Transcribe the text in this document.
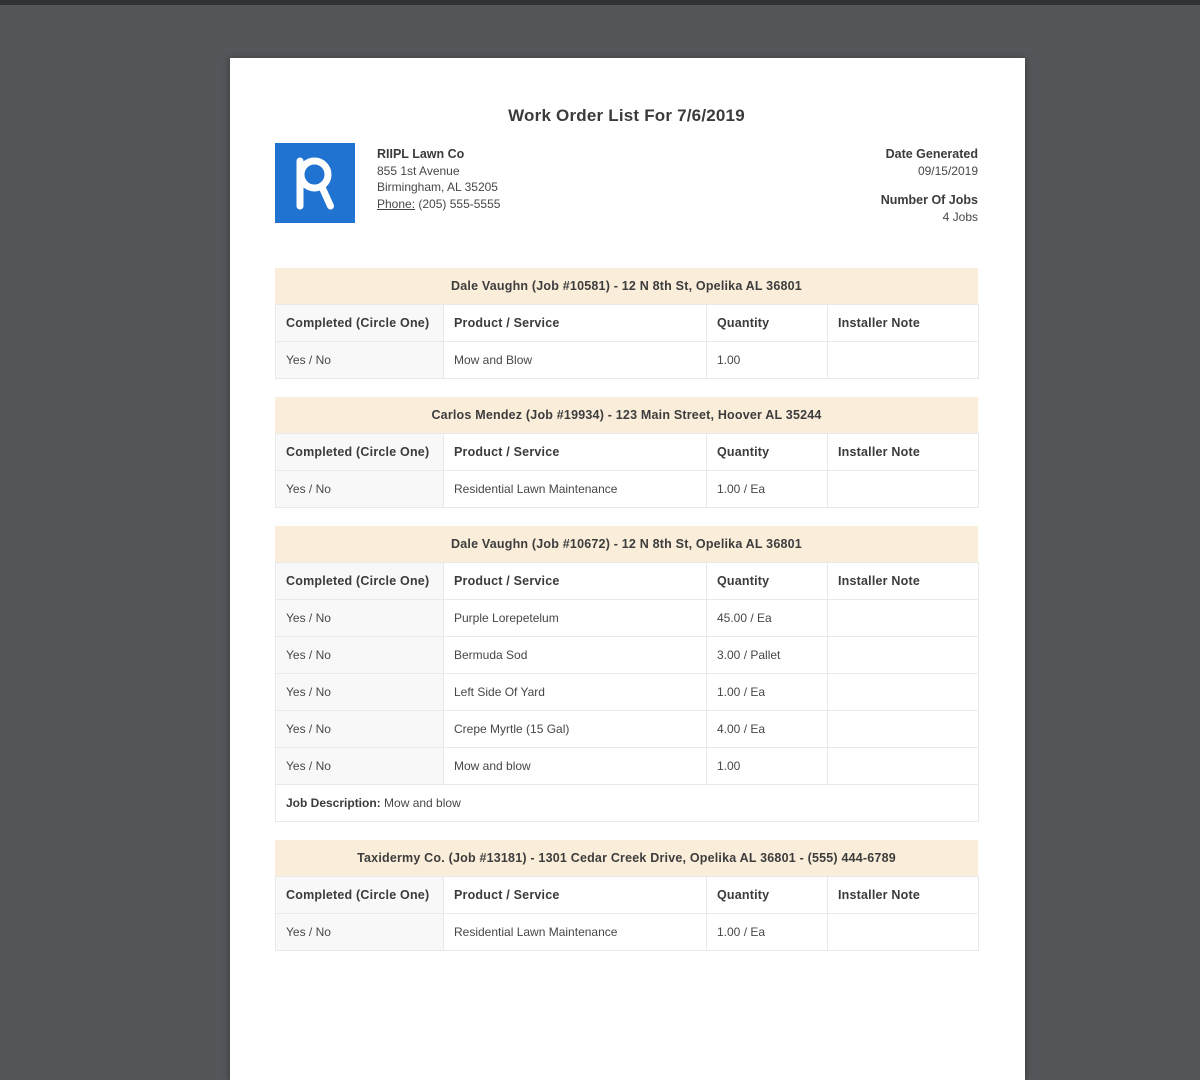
Work Order List For 7/6/2019
RIIPL Lawn Co
855 1st Avenue
Birmingham, AL 35205
Phone: (205) 555-5555
Date Generated
09/15/2019
Number Of Jobs
4 Jobs
Dale Vaughn (Job #10581) - 12 N 8th St, Opelika AL 36801
Completed (Circle One)	Product / Service	Quantity	Installer Note
Yes / No	Mow and Blow	1.00	
Carlos Mendez (Job #19934) - 123 Main Street, Hoover AL 35244
Completed (Circle One)	Product / Service	Quantity	Installer Note
Yes / No	Residential Lawn Maintenance	1.00 / Ea	
Dale Vaughn (Job #10672) - 12 N 8th St, Opelika AL 36801
Completed (Circle One)	Product / Service	Quantity	Installer Note
Yes / No	Purple Lorepetelum	45.00 / Ea	
Yes / No	Bermuda Sod	3.00 / Pallet	
Yes / No	Left Side Of Yard	1.00 / Ea	
Yes / No	Crepe Myrtle (15 Gal)	4.00 / Ea	
Yes / No	Mow and blow	1.00	
Job Description: Mow and blow			
Taxidermy Co. (Job #13181) - 1301 Cedar Creek Drive, Opelika AL 36801 - (555) 444-6789
Completed (Circle One)	Product / Service	Quantity	Installer Note
Yes / No	Residential Lawn Maintenance	1.00 / Ea	
